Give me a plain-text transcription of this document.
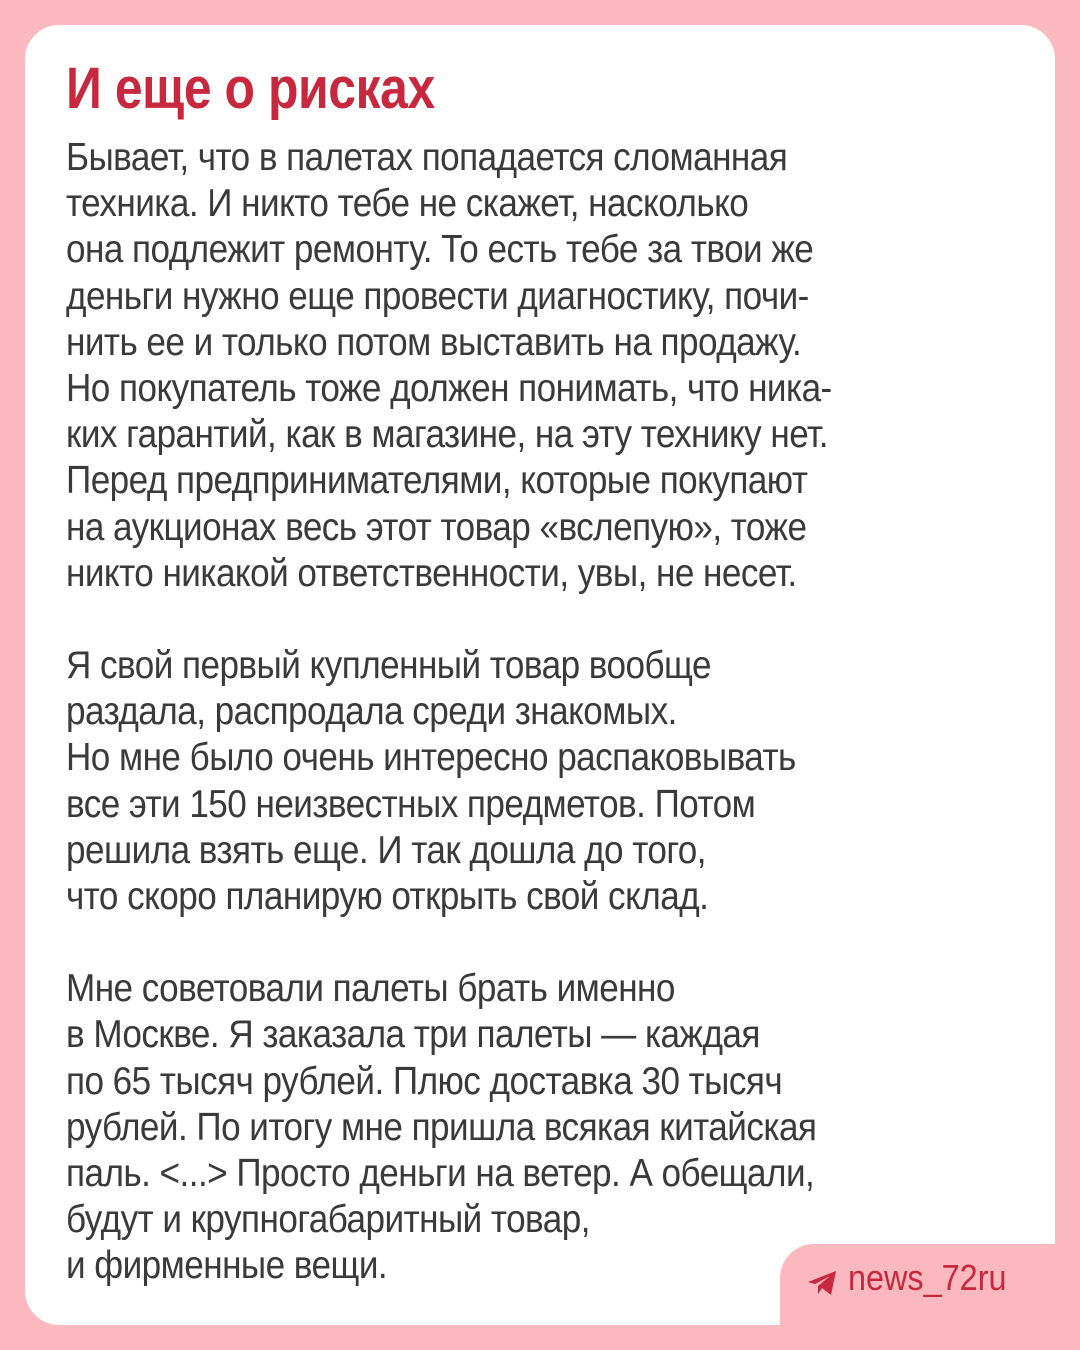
И еще о рисках

Бывает, что в палетах попадается сломанная
техника. И никто тебе не скажет, насколько
она подлежит ремонту. То есть тебе за твои же
деньги нужно еще провести диагностику, почи-
нить ее и только потом выставить на продажу.
Но покупатель тоже должен понимать, что ника-
ких гарантий, как в магазине, на эту технику нет.
Перед предпринимателями, которые покупают
на аукционах весь этот товар «вслепую», тоже
никто никакой ответственности, увы, не несет.

Я свой первый купленный товар вообще
раздала, распродала среди знакомых.
Но мне было очень интересно распаковывать
все эти 150 неизвестных предметов. Потом
решила взять еще. И так дошла до того,
что скоро планирую открыть свой склад.

Мне советовали палеты брать именно
в Москве. Я заказала три палеты — каждая
по 65 тысяч рублей. Плюс доставка 30 тысяч
рублей. По итогу мне пришла всякая китайская
паль. <...> Просто деньги на ветер. А обещали,
будут и крупногабаритный товар,
и фирменные вещи.	news_72ru
